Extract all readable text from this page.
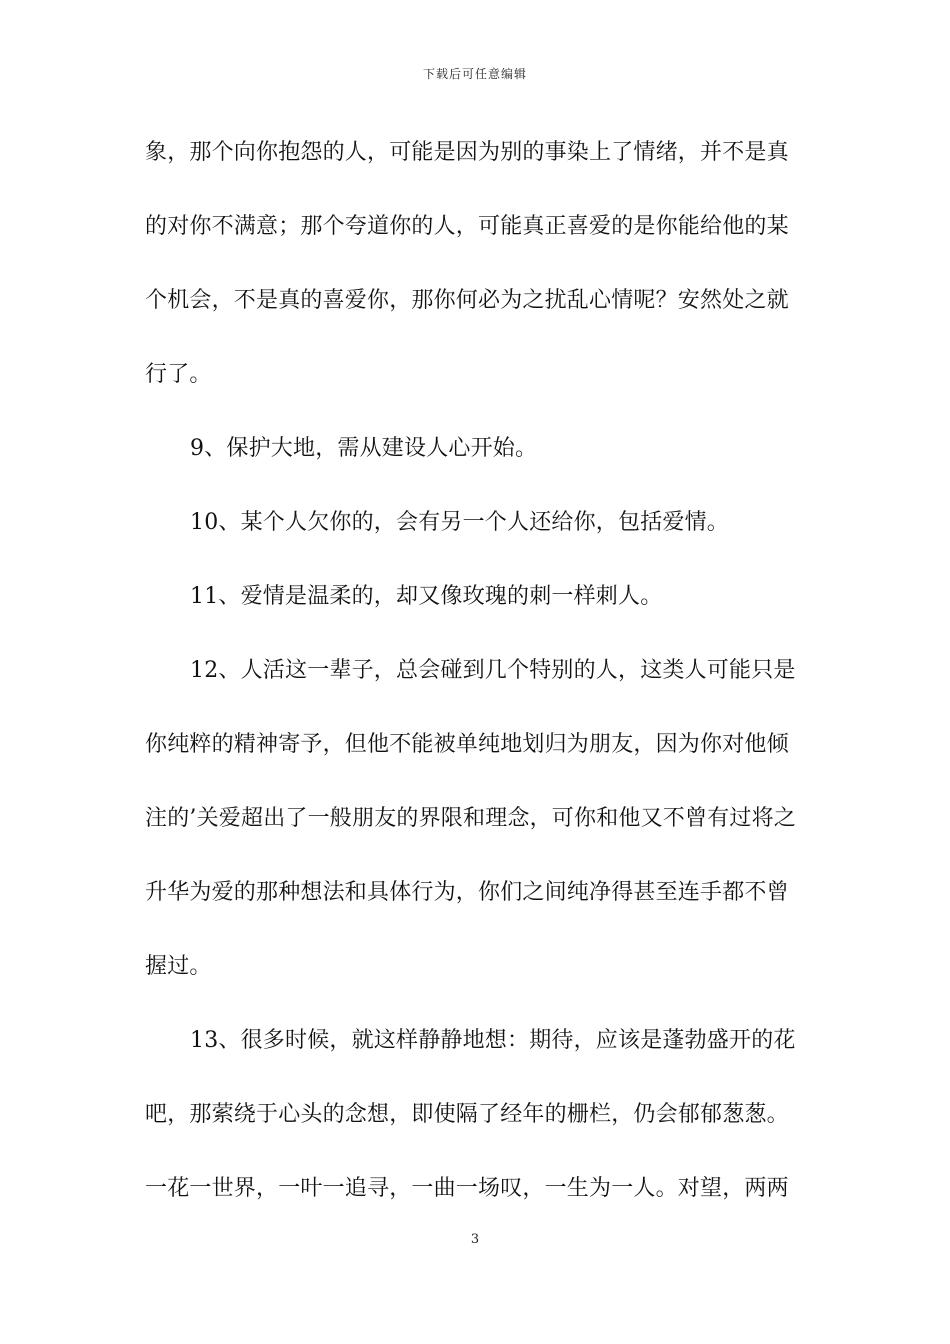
下载后可任意编辑
象，那个向你抱怨的人，可能是因为别的事染上了情绪，并不是真
的对你不满意；那个夸道你的人，可能真正喜爱的是你能给他的某
个机会，不是真的喜爱你，那你何必为之扰乱心情呢？安然处之就
行了。
9、保护大地，需从建设人心开始。
10、某个人欠你的，会有另一个人还给你，包括爱情。
11、爱情是温柔的，却又像玫瑰的刺一样刺人。
12、人活这一辈子，总会碰到几个特别的人，这类人可能只是
你纯粹的精神寄予，但他不能被单纯地划归为朋友，因为你对他倾
注的’关爱超出了一般朋友的界限和理念，可你和他又不曾有过将之
升华为爱的那种想法和具体行为，你们之间纯净得甚至连手都不曾
握过。
13、很多时候，就这样静静地想：期待，应该是蓬勃盛开的花
吧，那萦绕于心头的念想，即使隔了经年的栅栏，仍会郁郁葱葱。
一花一世界，一叶一追寻，一曲一场叹，一生为一人。对望，两两
3
